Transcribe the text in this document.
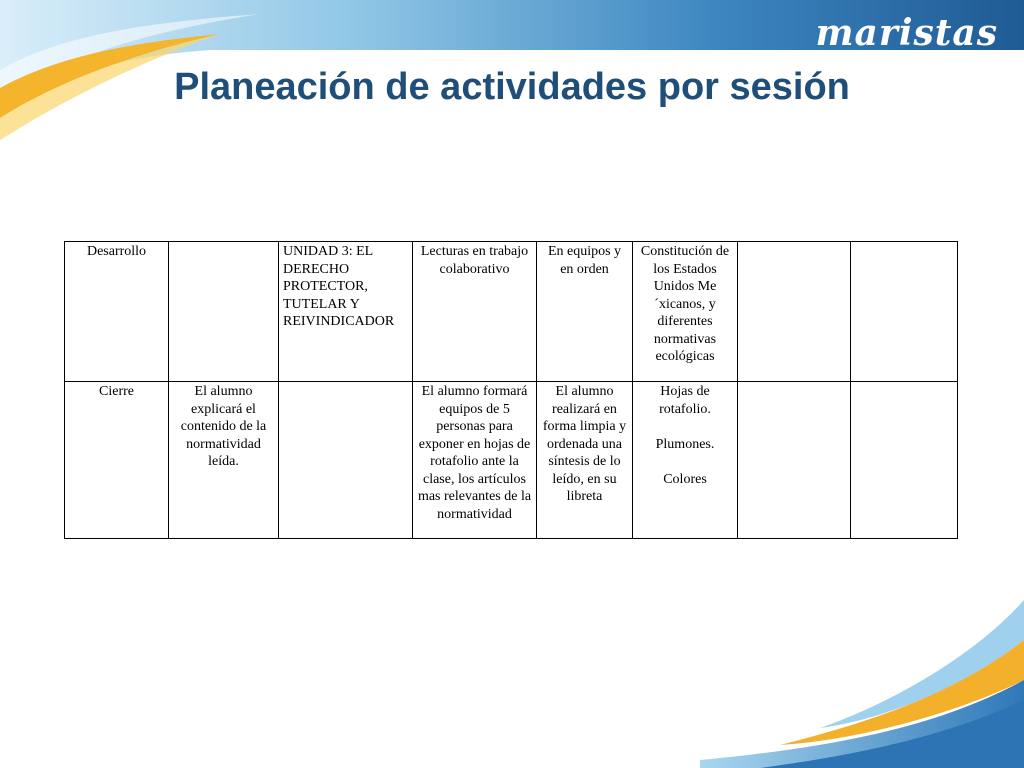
maristas
Planeación de actividades por sesión
Desarrollo		UNIDAD 3: EL DERECHO PROTECTOR, TUTELAR Y REIVINDICADOR	Lecturas en trabajo colaborativo	En equipos y en orden	Constitución de los Estados Unidos Me´xicanos, y diferentes normativas ecológicas		
Cierre	El alumno explicará el contenido de la normatividad leída.		El alumno formará equipos de 5 personas para exponer en hojas de rotafolio ante la clase, los artículos mas relevantes de la normatividad	El alumno realizará en forma limpia y ordenada una síntesis de lo leído, en su libreta	Hojas de rotafolio.

Plumones.

Colores		
